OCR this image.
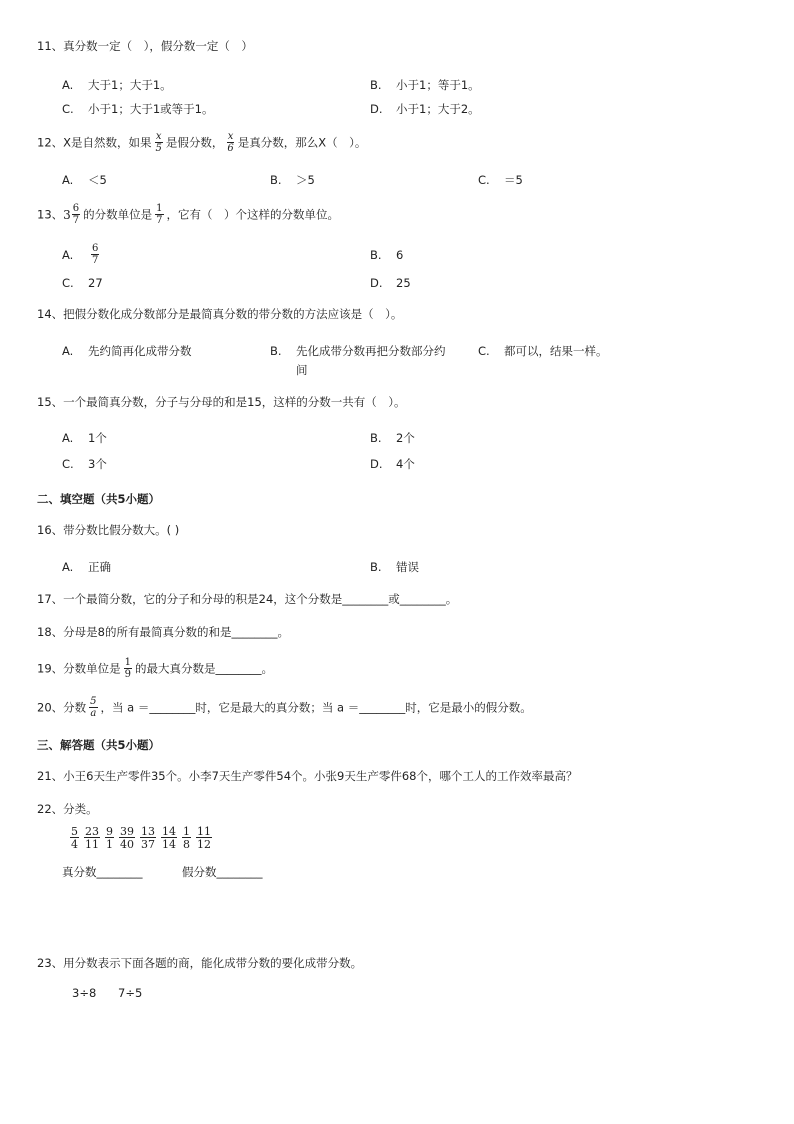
11、真分数一定（　），假分数一定（　）
A. 大于1；大于1。	B. 小于1；等于1。
C. 小于1；大于1或等于1。	D. 小于1；大于2。
12、X是自然数，如果 $\frac{x}{5}$ 是假分数， $\frac{x}{6}$ 是真分数，那么X（　）。
A. ＜5	B. ＞5	C. ＝5
13、 $3 \frac{6}{7}$ 的分数单位是 $\frac{1}{7}$ ，它有（　）个这样的分数单位。
A. $\frac{6}{7}$	B. 6
C. 27	D. 25
14、把假分数化成分数部分是最简真分数的带分数的方法应该是（　）。
A. 先约简再化成带分数	B. 先化成带分数再把分数部分约
间
C. 都可以，结果一样。
15、一个最简真分数，分子与分母的和是15，这样的分数一共有（　）。
A. 1个	B. 2个
C. 3个	D. 4个
二、填空题（共5小题）
16、带分数比假分数大。( )
A. 正确	B. 错误
17、一个最简分数，它的分子和分母的积是24，这个分数是________或________。
18、分母是8的所有最简真分数的和是________。
19、分数单位是 $\frac{1}{9}$ 的最大真分数是________。
20、分数 $\frac{5}{a}$ ，当 a ＝________时，它是最大的真分数；当 a ＝________时，它是最小的假分数。
三、解答题（共5小题）
21、小王6天生产零件35个。小李7天生产零件54个。小张9天生产零件68个，哪个工人的工作效率最高？
22、分类。
$\frac{5}{4} \frac{23}{11} \frac{9}{1} \frac{39}{40} \frac{13}{37} \frac{14}{14} \frac{1}{8} \frac{11}{12}$
真分数________	假分数________
23、用分数表示下面各题的商，能化成带分数的要化成带分数。
3÷8 7÷5
